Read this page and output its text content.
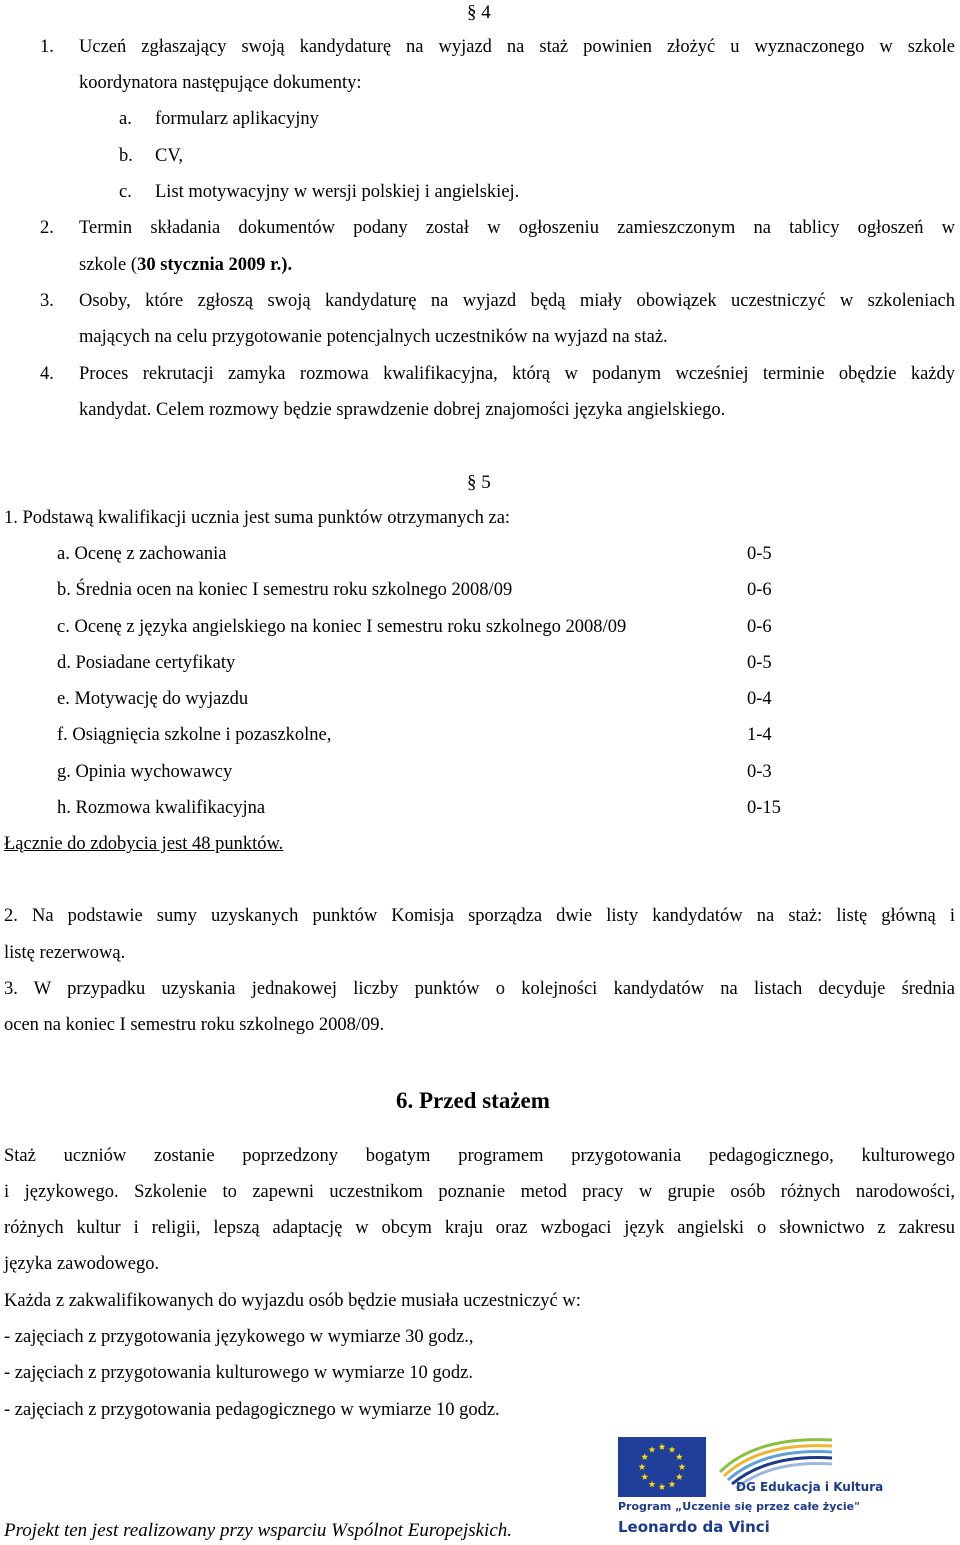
§ 4
1. Uczeń zgłaszający swoją kandydaturę na wyjazd na staż powinien złożyć u wyznaczonego w szkole
koordynatora następujące dokumenty:
a. formularz aplikacyjny
b. CV,
c. List motywacyjny w wersji polskiej i angielskiej.
2. Termin składania dokumentów podany został w ogłoszeniu zamieszczonym na tablicy ogłoszeń w
szkole (30 stycznia 2009 r.).
3. Osoby, które zgłoszą swoją kandydaturę na wyjazd będą miały obowiązek uczestniczyć w szkoleniach
mających na celu przygotowanie potencjalnych uczestników na wyjazd na staż.
4. Proces rekrutacji zamyka rozmowa kwalifikacyjna, którą w podanym wcześniej terminie obędzie każdy
kandydat. Celem rozmowy będzie sprawdzenie dobrej znajomości języka angielskiego.
§ 5
1. Podstawą kwalifikacji ucznia jest suma punktów otrzymanych za:
a. Ocenę z zachowania	0-5
b. Średnia ocen na koniec I semestru roku szkolnego 2008/09	0-6
c. Ocenę z języka angielskiego na koniec I semestru roku szkolnego 2008/09	0-6
d. Posiadane certyfikaty	0-5
e. Motywację do wyjazdu	0-4
f. Osiągnięcia szkolne i pozaszkolne,	1-4
g. Opinia wychowawcy	0-3
h. Rozmowa kwalifikacyjna	0-15
Łącznie do zdobycia jest 48 punktów.
2. Na podstawie sumy uzyskanych punktów Komisja sporządza dwie listy kandydatów na staż: listę główną i
listę rezerwową.
3. W przypadku uzyskania jednakowej liczby punktów o kolejności kandydatów na listach decyduje średnia
ocen na koniec I semestru roku szkolnego 2008/09.
6. Przed stażem
Staż uczniów zostanie poprzedzony bogatym programem przygotowania pedagogicznego, kulturowego
i językowego. Szkolenie to zapewni uczestnikom poznanie metod pracy w grupie osób różnych narodowości,
różnych kultur i religii, lepszą adaptację w obcym kraju oraz wzbogaci język angielski o słownictwo z zakresu
języka zawodowego.
Każda z zakwalifikowanych do wyjazdu osób będzie musiała uczestniczyć w:
- zajęciach z przygotowania językowego w wymiarze 30 godz.,
- zajęciach z przygotowania kulturowego w wymiarze 10 godz.
- zajęciach z przygotowania pedagogicznego w wymiarze 10 godz.
Projekt ten jest realizowany przy wsparciu Wspólnot Europejskich.
DG Edukacja i Kultura
Program „Uczenie się przez całe życie"
Leonardo da Vinci
